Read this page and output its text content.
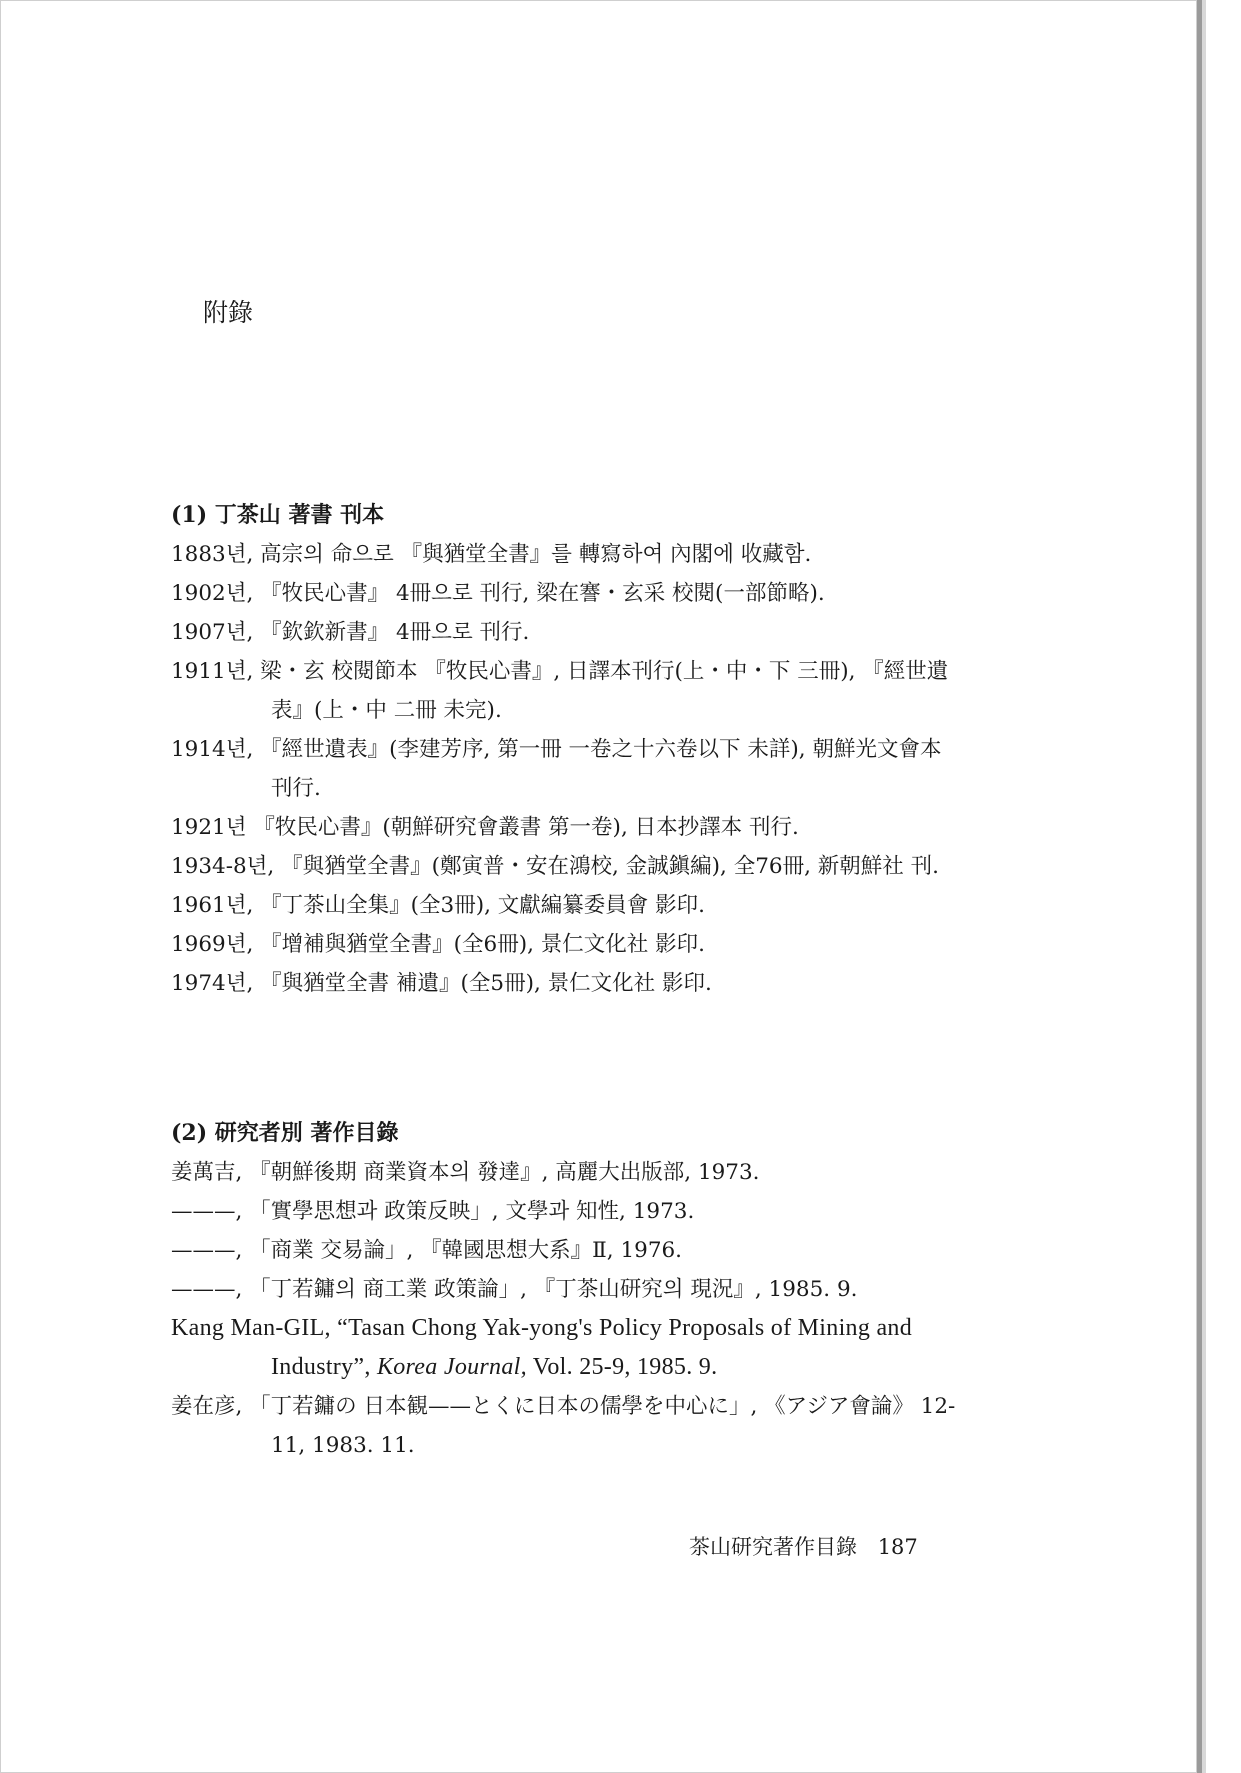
附錄
(1) 丁茶山 著書 刊本
1883년, 高宗의 命으로 『與猶堂全書』를 轉寫하여 內閣에 收藏함.
1902년, 『牧民心書』 4冊으로 刊行, 梁在謇・玄采 校閱(一部節略).
1907년, 『欽欽新書』 4冊으로 刊行.
1911년, 梁・玄 校閱節本 『牧民心書』, 日譯本刊行(上・中・下 三冊), 『經世遺表』(上・中 二冊 未完).
1914년, 『經世遺表』(李建芳序, 第一冊 一卷之十六卷以下 未詳), 朝鮮光文會本 刊行.
1921년 『牧民心書』(朝鮮研究會叢書 第一卷), 日本抄譯本 刊行.
1934-8년, 『與猶堂全書』(鄭寅普・安在鴻校, 金誠鎭編), 全76冊, 新朝鮮社 刊.
1961년, 『丁茶山全集』(全3冊), 文獻編纂委員會 影印.
1969년, 『增補與猶堂全書』(全6冊), 景仁文化社 影印.
1974년, 『與猶堂全書 補遺』(全5冊), 景仁文化社 影印.
(2) 研究者別 著作目錄
姜萬吉, 『朝鮮後期 商業資本의 發達』, 高麗大出版部, 1973.
———, 「實學思想과 政策反映」, 文學과 知性, 1973.
———, 「商業 交易論」, 『韓國思想大系』Ⅱ, 1976.
———, 「丁若鏞의 商工業 政策論」, 『丁茶山研究의 現況』, 1985. 9.
Kang Man-GIL, “Tasan Chong Yak-yong's Policy Proposals of Mining and Industry”, Korea Journal, Vol. 25-9, 1985. 9.
姜在彦, 「丁若鏞の 日本観——とくに日本の儒學を中心に」, 《アジア會論》 12-11, 1983. 11.
茶山研究著作目錄 187
